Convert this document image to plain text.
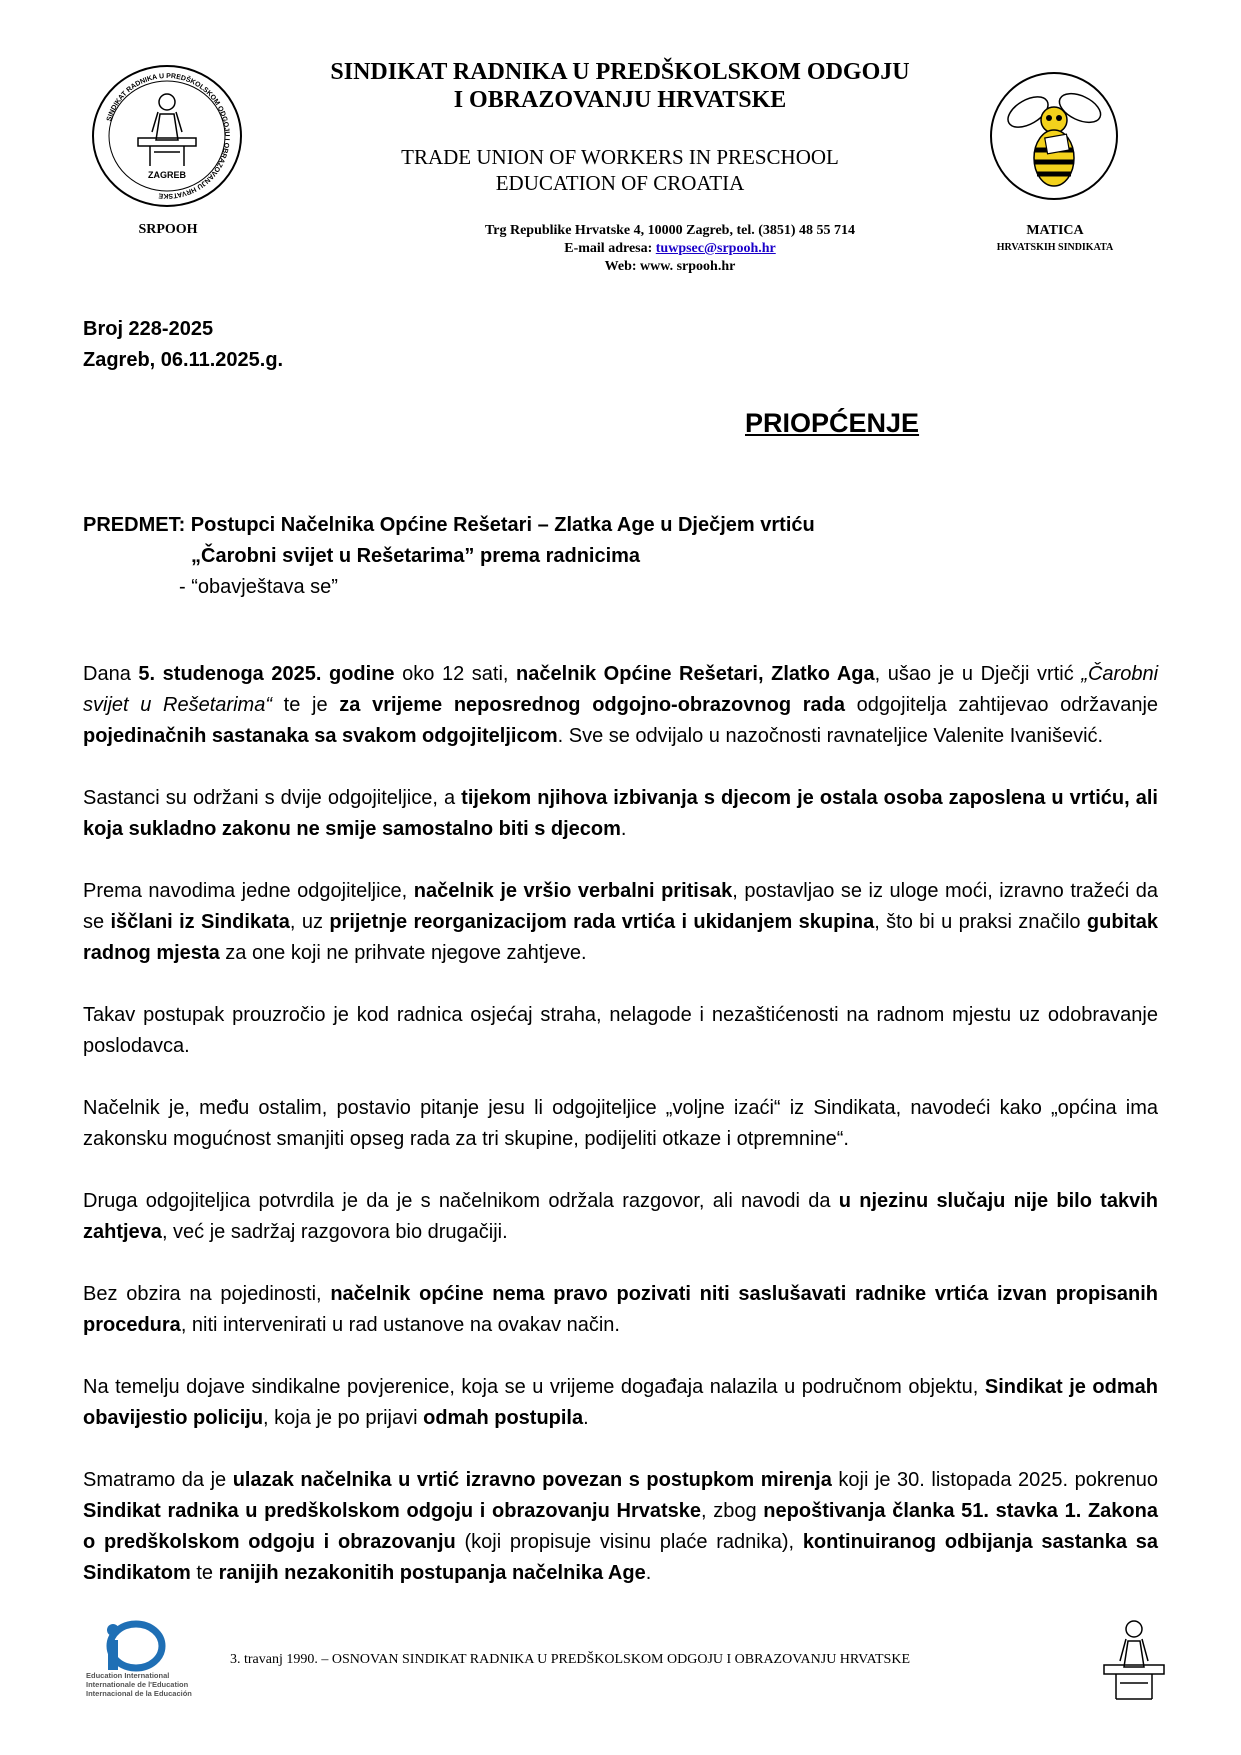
SINDIKAT RADNIKA U PREDŠKOLSKOM ODGOJU I OBRAZOVANJU HRVATSKE
ZAGREB
SINDIKAT RADNIKA U PREDŠKOLSKOM ODGOJU
I OBRAZOVANJU HRVATSKE
TRADE UNION OF WORKERS IN PRESCHOOL
EDUCATION OF CROATIA
SRPOOH	Trg Republike Hrvatske 4, 10000 Zagreb, tel. (3851) 48 55 714
E-mail adresa: tuwpsec@srpooh.hr
Web: www. srpooh.hr
MATICA
HRVATSKIH SINDIKATA
Broj 228-2025
Zagreb, 06.11.2025.g.
PRIOPĆENJE
PREDMET: Postupci Načelnika Općine Rešetari – Zlatka Age u Dječjem vrtiću
„Čarobni svijet u Rešetarima” prema radnicima
- “obavještava se”

Dana 5. studenoga 2025. godine oko 12 sati, načelnik Općine Rešetari, Zlatko Aga, ušao je u Dječji vrtić „Čarobni svijet u Rešetarima“ te je za vrijeme neposrednog odgojno-obrazovnog rada odgojitelja zahtijevao održavanje pojedinačnih sastanaka sa svakom odgojiteljicom. Sve se odvijalo u nazočnosti ravnateljice Valenite Ivanišević.

Sastanci su održani s dvije odgojiteljice, a tijekom njihova izbivanja s djecom je ostala osoba zaposlena u vrtiću, ali koja sukladno zakonu ne smije samostalno biti s djecom.

Prema navodima jedne odgojiteljice, načelnik je vršio verbalni pritisak, postavljao se iz uloge moći, izravno tražeći da se iščlani iz Sindikata, uz prijetnje reorganizacijom rada vrtića i ukidanjem skupina, što bi u praksi značilo gubitak radnog mjesta za one koji ne prihvate njegove zahtjeve.

Takav postupak prouzročio je kod radnica osjećaj straha, nelagode i nezaštićenosti na radnom mjestu uz odobravanje poslodavca.

Načelnik je, među ostalim, postavio pitanje jesu li odgojiteljice „voljne izaći“ iz Sindikata, navodeći kako „općina ima zakonsku mogućnost smanjiti opseg rada za tri skupine, podijeliti otkaze i otpremnine“.

Druga odgojiteljica potvrdila je da je s načelnikom održala razgovor, ali navodi da u njezinu slučaju nije bilo takvih zahtjeva, već je sadržaj razgovora bio drugačiji.

Bez obzira na pojedinosti, načelnik općine nema pravo pozivati niti saslušavati radnike vrtića izvan propisanih procedura, niti intervenirati u rad ustanove na ovakav način.

Na temelju dojave sindikalne povjerenice, koja se u vrijeme događaja nalazila u područnom objektu, Sindikat je odmah obavijestio policiju, koja je po prijavi odmah postupila.

Smatramo da je ulazak načelnika u vrtić izravno povezan s postupkom mirenja koji je 30. listopada 2025. pokrenuo Sindikat radnika u predškolskom odgoju i obrazovanju Hrvatske, zbog nepoštivanja članka 51. stavka 1. Zakona o predškolskom odgoju i obrazovanju (koji propisuje visinu plaće radnika), kontinuiranog odbijanja sastanka sa Sindikatom te ranijih nezakonitih postupanja načelnika Age.

Education International
Internationale de l'Education
Internacional de la Educación
3. travanj 1990. – OSNOVAN SINDIKAT RADNIKA U PREDŠKOLSKOM ODGOJU I OBRAZOVANJU HRVATSKE
